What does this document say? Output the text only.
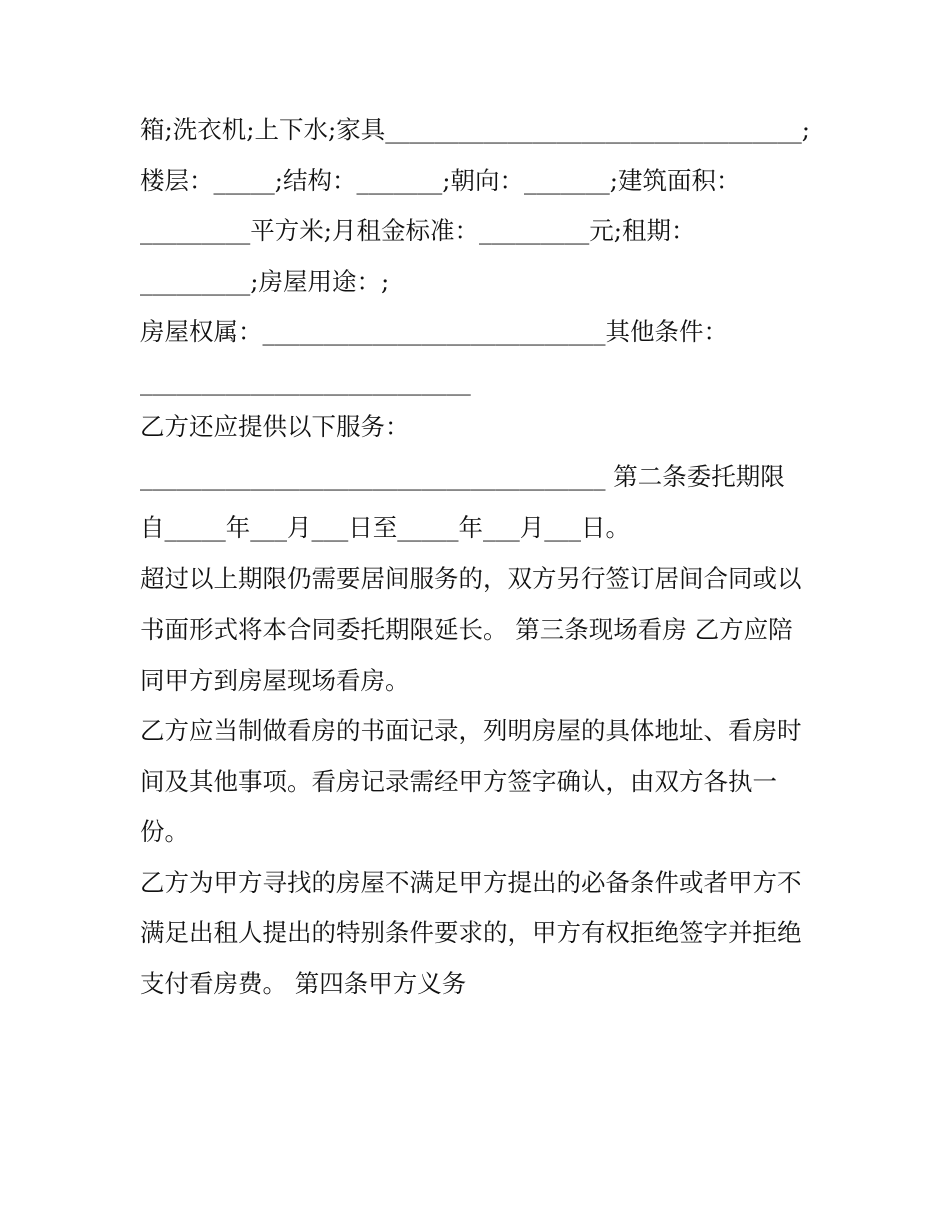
箱;洗衣机;上下水;家具__________________________________;

楼层：_____;结构：_______;朝向：_______;建筑面积：

_________平方米;月租金标准：_________元;租期：

_________;房屋用途：;

房屋权属：____________________________其他条件：

___________________________

乙方还应提供以下服务：

______________________________________ 第二条委托期限

自_____年___月___日至_____年___月___日。

超过以上期限仍需要居间服务的，双方另行签订居间合同或以

书面形式将本合同委托期限延长。 第三条现场看房 乙方应陪

同甲方到房屋现场看房。

乙方应当制做看房的书面记录，列明房屋的具体地址、看房时

间及其他事项。看房记录需经甲方签字确认，由双方各执一

份。

乙方为甲方寻找的房屋不满足甲方提出的必备条件或者甲方不

满足出租人提出的特别条件要求的，甲方有权拒绝签字并拒绝

支付看房费。 第四条甲方义务
